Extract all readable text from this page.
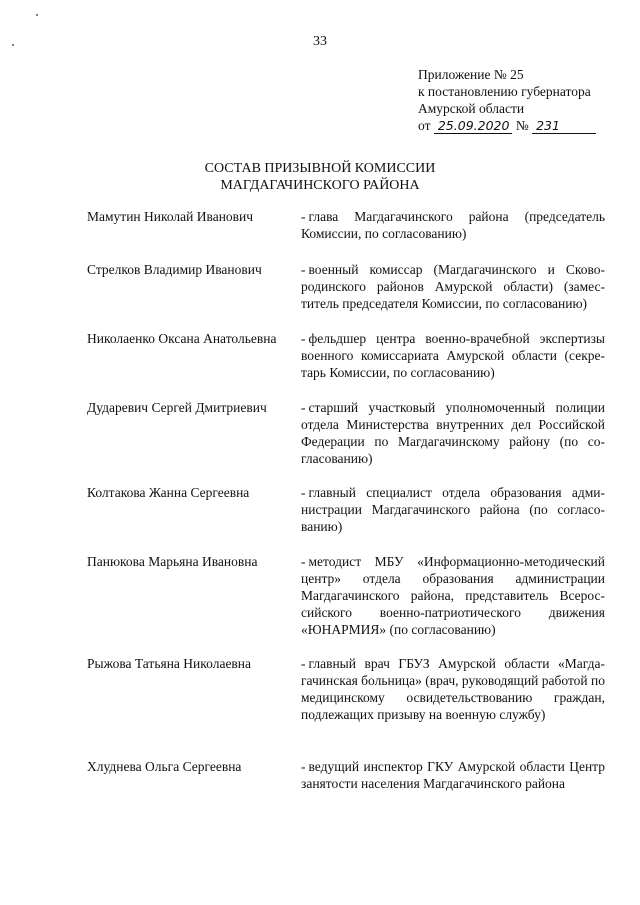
33
Приложение № 25
к постановлению губернатора
Амурской области
от 25.09.2020 № 231
СОСТАВ ПРИЗЫВНОЙ КОМИССИИ
МАГДАГАЧИНСКОГО РАЙОНА
Мамутин Николай Иванович	- глава Магдагачинского района (председатель Комиссии, по согласованию)
Стрелков Владимир Иванович	- военный комиссар (Магдагачинского и Сково-родинского районов Амурской области) (замес-титель председателя Комиссии, по согласованию)
Николаенко Оксана Анатольевна	- фельдшер центра военно-врачебной экспертизы военного комиссариата Амурской области (секре-тарь Комиссии, по согласованию)
Дударевич Сергей Дмитриевич	- старший участковый уполномоченный полиции отдела Министерства внутренних дел Российской Федерации по Магдагачинскому району (по со-гласованию)
Колтакова Жанна Сергеевна	- главный специалист отдела образования адми-нистрации Магдагачинского района (по согласо-ванию)
Панюкова Марьяна Ивановна	- методист МБУ «Информационно-методический центр» отдела образования администрации Магдагачинского района, представитель Всерос-сийского военно-патриотического движения «ЮНАРМИЯ» (по согласованию)
Рыжова Татьяна Николаевна	- главный врач ГБУЗ Амурской области «Магда-гачинская больница» (врач, руководящий работой по медицинскому освидетельствованию граждан, подлежащих призыву на военную службу)
Хлуднева Ольга Сергеевна	- ведущий инспектор ГКУ Амурской области Центр занятости населения Магдагачинского района
